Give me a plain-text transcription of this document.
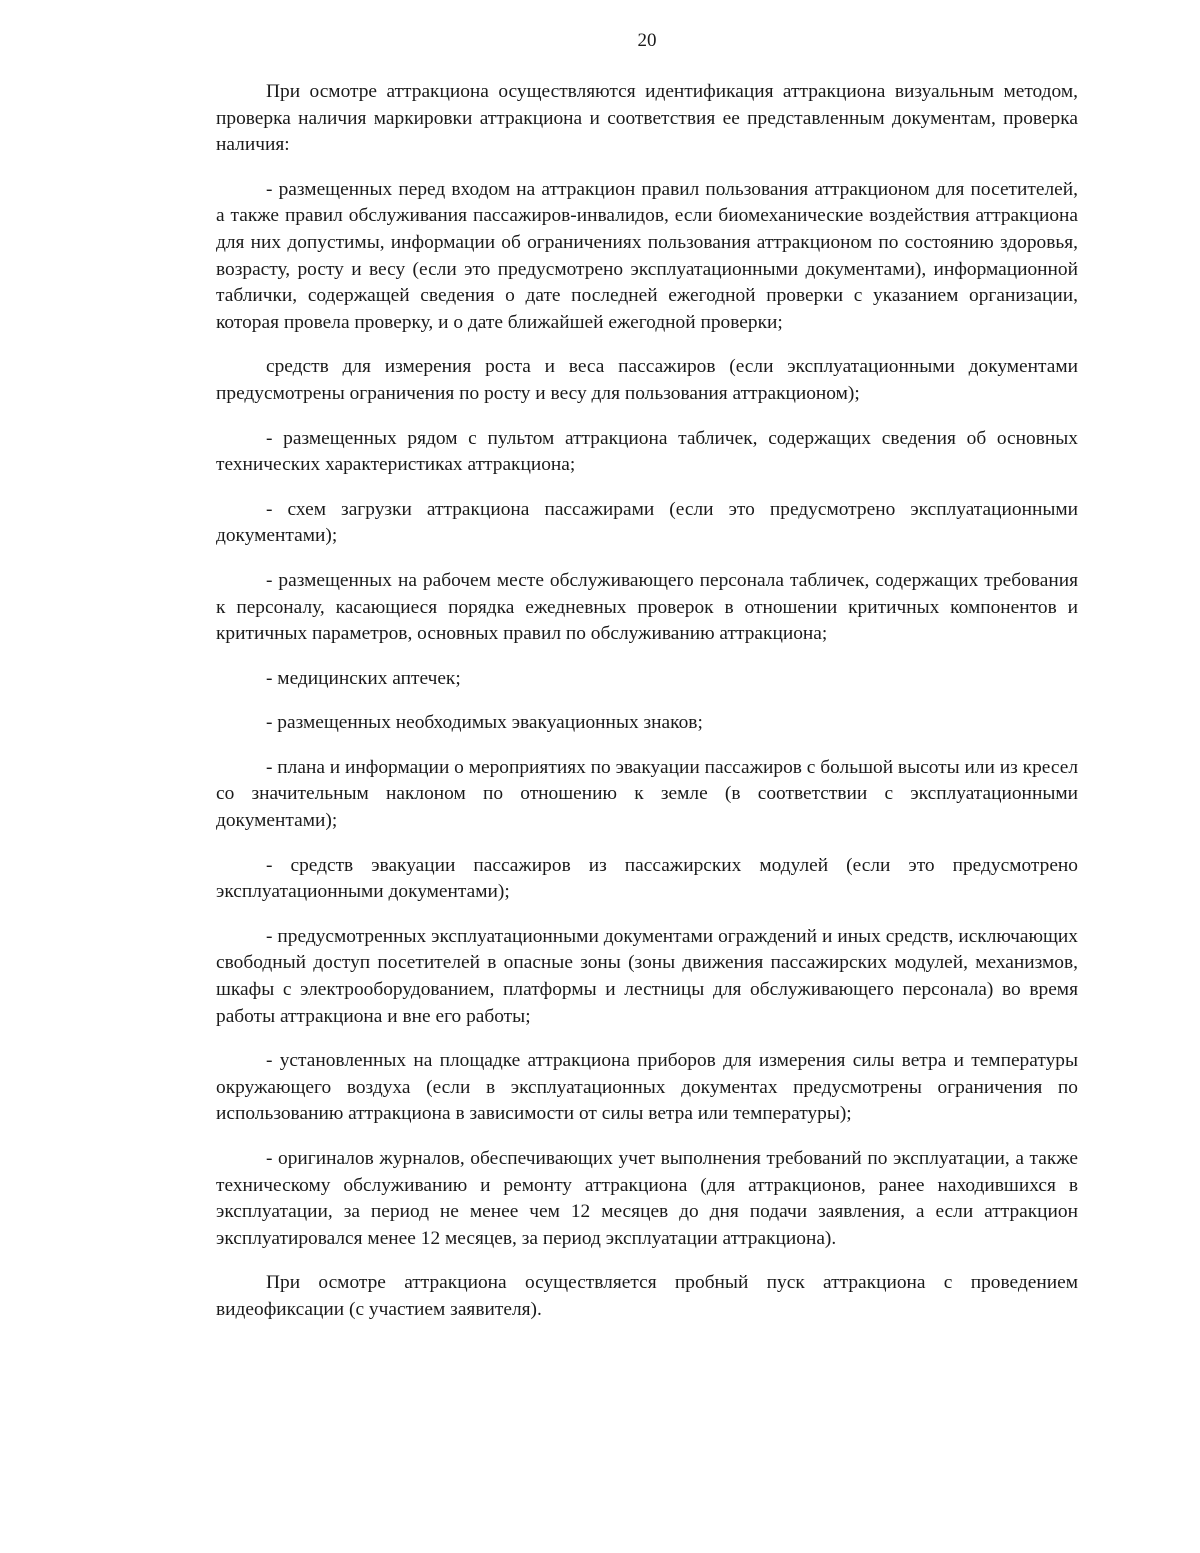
20

При осмотре аттракциона осуществляются идентификация аттракциона визуальным методом, проверка наличия маркировки аттракциона и соответствия ее представленным документам, проверка наличия:

- размещенных перед входом на аттракцион правил пользования аттракционом для посетителей, а также правил обслуживания пассажиров-инвалидов, если биомеханические воздействия аттракциона для них допустимы, информации об ограничениях пользования аттракционом по состоянию здоровья, возрасту, росту и весу (если это предусмотрено эксплуатационными документами), информационной таблички, содержащей сведения о дате последней ежегодной проверки с указанием организации, которая провела проверку, и о дате ближайшей ежегодной проверки;

средств для измерения роста и веса пассажиров (если эксплуатационными документами предусмотрены ограничения по росту и весу для пользования аттракционом);

- размещенных рядом с пультом аттракциона табличек, содержащих сведения об основных технических характеристиках аттракциона;

- схем загрузки аттракциона пассажирами (если это предусмотрено эксплуатационными документами);

- размещенных на рабочем месте обслуживающего персонала табличек, содержащих требования к персоналу, касающиеся порядка ежедневных проверок в отношении критичных компонентов и критичных параметров, основных правил по обслуживанию аттракциона;

- медицинских аптечек;

- размещенных необходимых эвакуационных знаков;

- плана и информации о мероприятиях по эвакуации пассажиров с большой высоты или из кресел со значительным наклоном по отношению к земле (в соответствии с эксплуатационными документами);

- средств эвакуации пассажиров из пассажирских модулей (если это предусмотрено эксплуатационными документами);

- предусмотренных эксплуатационными документами ограждений и иных средств, исключающих свободный доступ посетителей в опасные зоны (зоны движения пассажирских модулей, механизмов, шкафы с электрооборудованием, платформы и лестницы для обслуживающего персонала) во время работы аттракциона и вне его работы;

- установленных на площадке аттракциона приборов для измерения силы ветра и температуры окружающего воздуха (если в эксплуатационных документах предусмотрены ограничения по использованию аттракциона в зависимости от силы ветра или температуры);

- оригиналов журналов, обеспечивающих учет выполнения требований по эксплуатации, а также техническому обслуживанию и ремонту аттракциона (для аттракционов, ранее находившихся в эксплуатации, за период не менее чем 12 месяцев до дня подачи заявления, а если аттракцион эксплуатировался менее 12 месяцев, за период эксплуатации аттракциона).

При осмотре аттракциона осуществляется пробный пуск аттракциона с проведением видеофиксации (с участием заявителя).
